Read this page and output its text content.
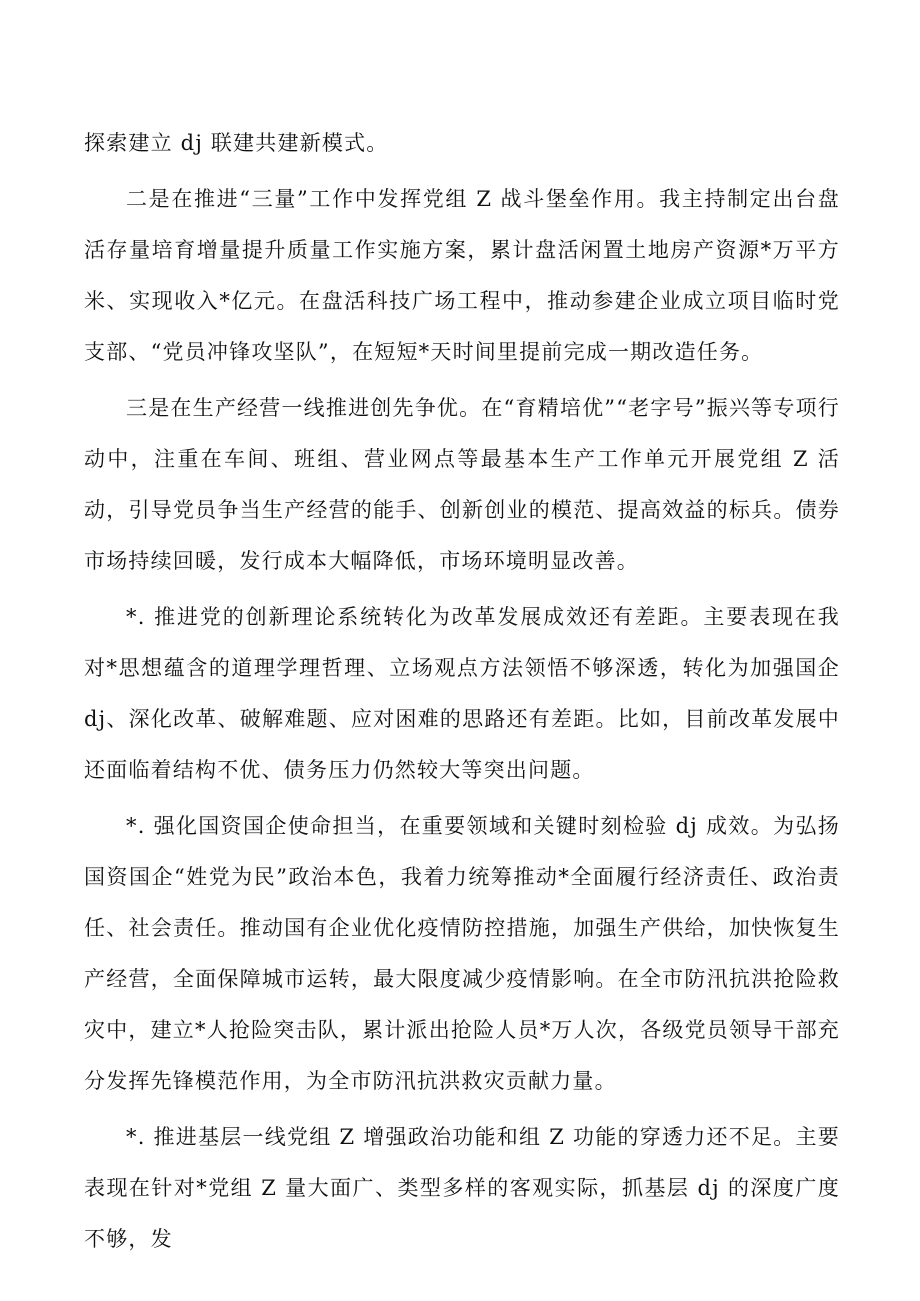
探索建立 dj 联建共建新模式。

二是在推进“三量”工作中发挥党组 Z 战斗堡垒作用。我主持制定出台盘活存量培育增量提升质量工作实施方案，累计盘活闲置土地房产资源*万平方米、实现收入*亿元。在盘活科技广场工程中，推动参建企业成立项目临时党支部、“党员冲锋攻坚队”，在短短*天时间里提前完成一期改造任务。

三是在生产经营一线推进创先争优。在“育精培优”“老字号”振兴等专项行动中，注重在车间、班组、营业网点等最基本生产工作单元开展党组 Z 活动，引导党员争当生产经营的能手、创新创业的模范、提高效益的标兵。债券市场持续回暖，发行成本大幅降低，市场环境明显改善。

*. 推进党的创新理论系统转化为改革发展成效还有差距。主要表现在我对*思想蕴含的道理学理哲理、立场观点方法领悟不够深透，转化为加强国企 dj、深化改革、破解难题、应对困难的思路还有差距。比如，目前改革发展中还面临着结构不优、债务压力仍然较大等突出问题。

*. 强化国资国企使命担当，在重要领域和关键时刻检验 dj 成效。为弘扬国资国企“姓党为民”政治本色，我着力统筹推动*全面履行经济责任、政治责任、社会责任。推动国有企业优化疫情防控措施，加强生产供给，加快恢复生产经营，全面保障城市运转，最大限度减少疫情影响。在全市防汛抗洪抢险救灾中，建立*人抢险突击队，累计派出抢险人员*万人次，各级党员领导干部充分发挥先锋模范作用，为全市防汛抗洪救灾贡献力量。

*. 推进基层一线党组 Z 增强政治功能和组 Z 功能的穿透力还不足。主要表现在针对*党组 Z 量大面广、类型多样的客观实际，抓基层 dj 的深度广度不够，发
